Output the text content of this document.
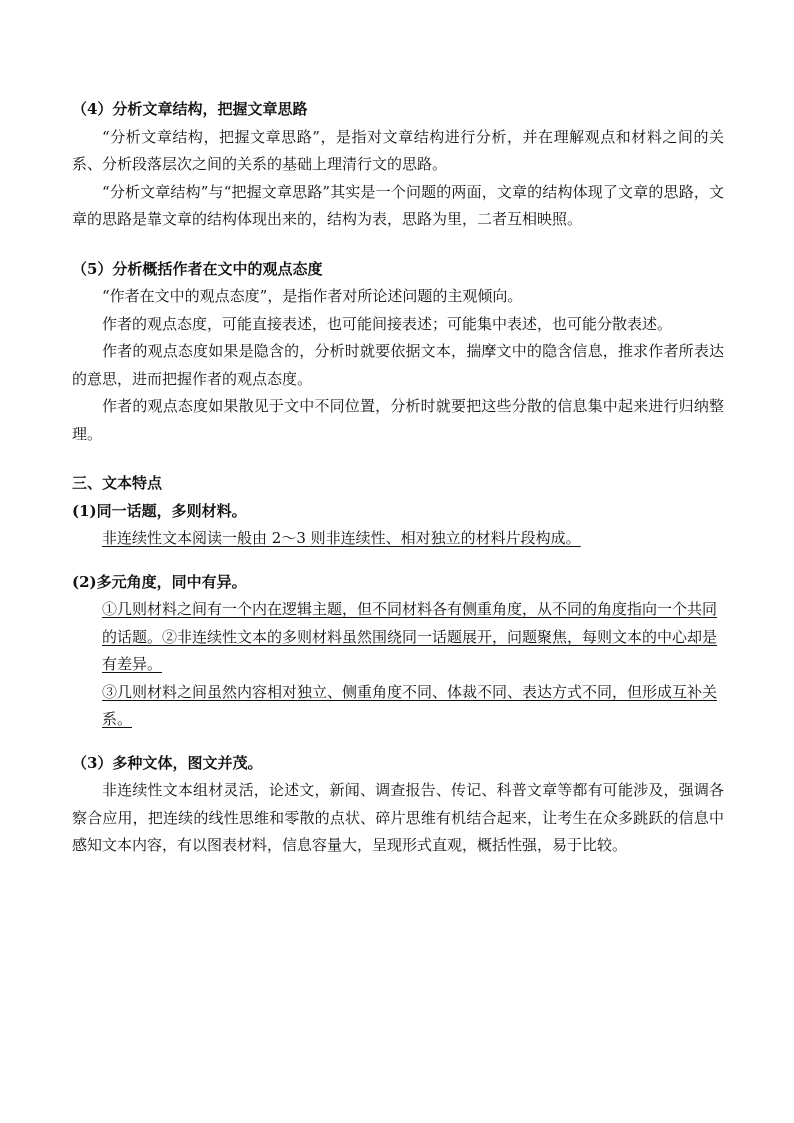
（4）分析文章结构，把握文章思路
“分析文章结构，把握文章思路”，是指对文章结构进行分析，并在理解观点和材料之间的关系、分析段落层次之间的关系的基础上理清行文的思路。
“分析文章结构”与“把握文章思路”其实是一个问题的两面，文章的结构体现了文章的思路，文章的思路是靠文章的结构体现出来的，结构为表，思路为里，二者互相映照。
（5）分析概括作者在文中的观点态度
“作者在文中的观点态度”，是指作者对所论述问题的主观倾向。
作者的观点态度，可能直接表述，也可能间接表述；可能集中表述，也可能分散表述。
作者的观点态度如果是隐含的，分析时就要依据文本，揣摩文中的隐含信息，推求作者所表达的意思，进而把握作者的观点态度。
作者的观点态度如果散见于文中不同位置，分析时就要把这些分散的信息集中起来进行归纳整理。
三、文本特点
(1)同一话题，多则材料。
非连续性文本阅读一般由 2～3 则非连续性、相对独立的材料片段构成。
(2)多元角度，同中有异。
①几则材料之间有一个内在逻辑主题，但不同材料各有侧重角度，从不同的角度指向一个共同的话题。②非连续性文本的多则材料虽然围绕同一话题展开，问题聚焦，每则文本的中心却是有差异。
③几则材料之间虽然内容相对独立、侧重角度不同、体裁不同、表达方式不同，但形成互补关系。
（3）多种文体，图文并茂。
非连续性文本组材灵活，论述文，新闻、调查报告、传记、科普文章等都有可能涉及，强调各察合应用，把连续的线性思维和零散的点状、碎片思维有机结合起来，让考生在众多跳跃的信息中感知文本内容，有以图表材料，信息容量大，呈现形式直观，概括性强，易于比较。
